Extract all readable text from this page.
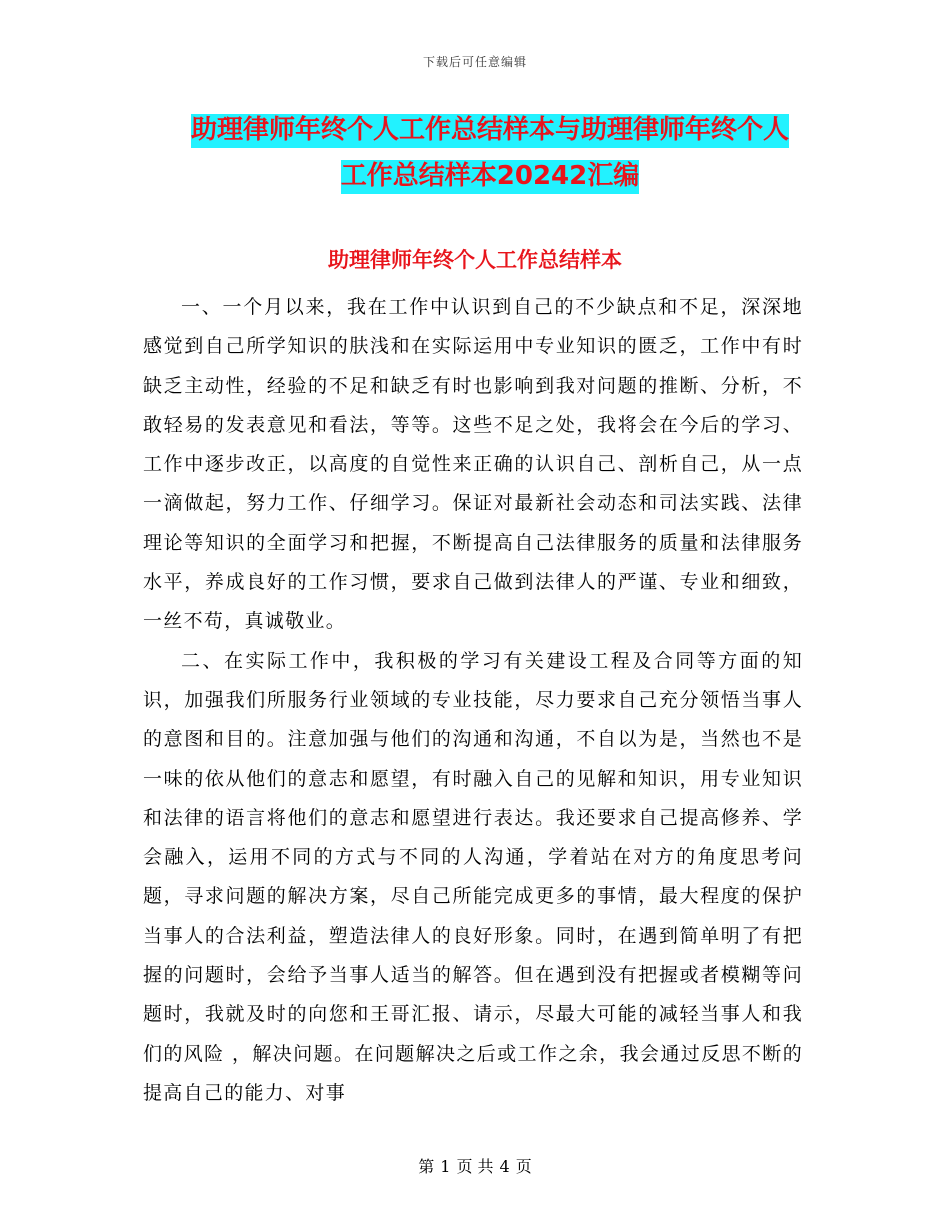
下载后可任意编辑
助理律师年终个人工作总结样本与助理律师年终个人
工作总结样本20242汇编
助理律师年终个人工作总结样本

一、一个月以来，我在工作中认识到自己的不少缺点和不足，深深地感觉到自己所学知识的肤浅和在实际运用中专业知识的匮乏，工作中有时缺乏主动性，经验的不足和缺乏有时也影响到我对问题的推断、分析，不敢轻易的发表意见和看法，等等。这些不足之处，我将会在今后的学习、工作中逐步改正，以高度的自觉性来正确的认识自己、剖析自己，从一点一滴做起，努力工作、仔细学习。保证对最新社会动态和司法实践、法律理论等知识的全面学习和把握，不断提高自己法律服务的质量和法律服务水平，养成良好的工作习惯，要求自己做到法律人的严谨、专业和细致，一丝不苟，真诚敬业。

二、在实际工作中，我积极的学习有关建设工程及合同等方面的知识，加强我们所服务行业领域的专业技能，尽力要求自己充分领悟当事人的意图和目的。注意加强与他们的沟通和沟通，不自以为是，当然也不是一味的依从他们的意志和愿望，有时融入自己的见解和知识，用专业知识和法律的语言将他们的意志和愿望进行表达。我还要求自己提高修养、学会融入，运用不同的方式与不同的人沟通，学着站在对方的角度思考问题，寻求问题的解决方案，尽自己所能完成更多的事情，最大程度的保护当事人的合法利益，塑造法律人的良好形象。同时，在遇到简单明了有把握的问题时，会给予当事人适当的解答。但在遇到没有把握或者模糊等问题时，我就及时的向您和王哥汇报、请示，尽最大可能的减轻当事人和我们的风险 ，解决问题。在问题解决之后或工作之余，我会通过反思不断的提高自己的能力、对事

第 1 页 共 4 页
